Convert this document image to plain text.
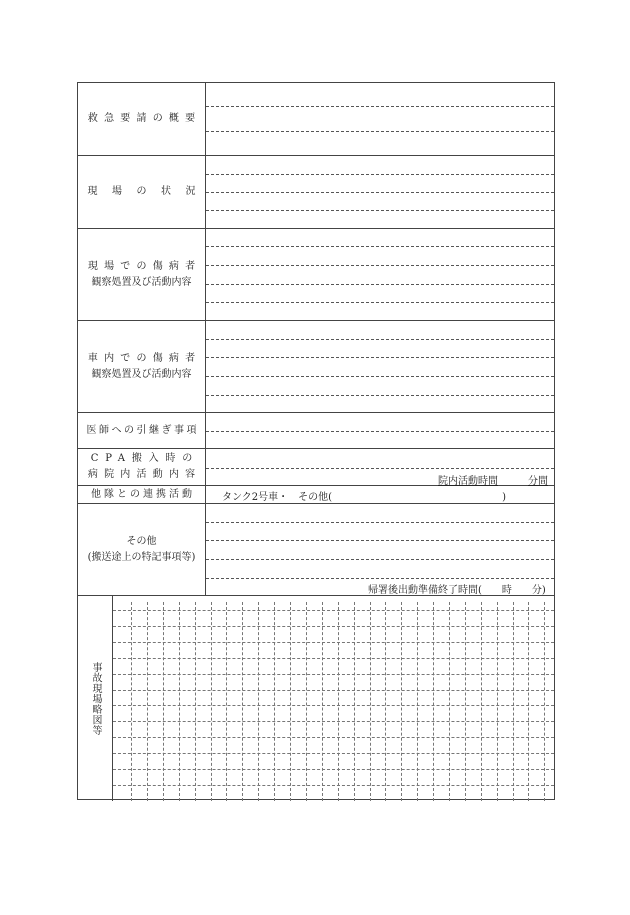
救急要請の概要
現場の状況
現場での傷病者
観察処置及び活動内容
車内での傷病者
観察処置及び活動内容
医師への引継ぎ事項
CPA搬入時の
病院内活動内容
院内活動時間	分間
他隊との連携活動	タンク2号車・　その他(　　　　　　　　　　　　　　　　　)
その他
(搬送途上の特記事項等)
帰署後出動準備終了時間(　　時　　分)
事故現場略図等
